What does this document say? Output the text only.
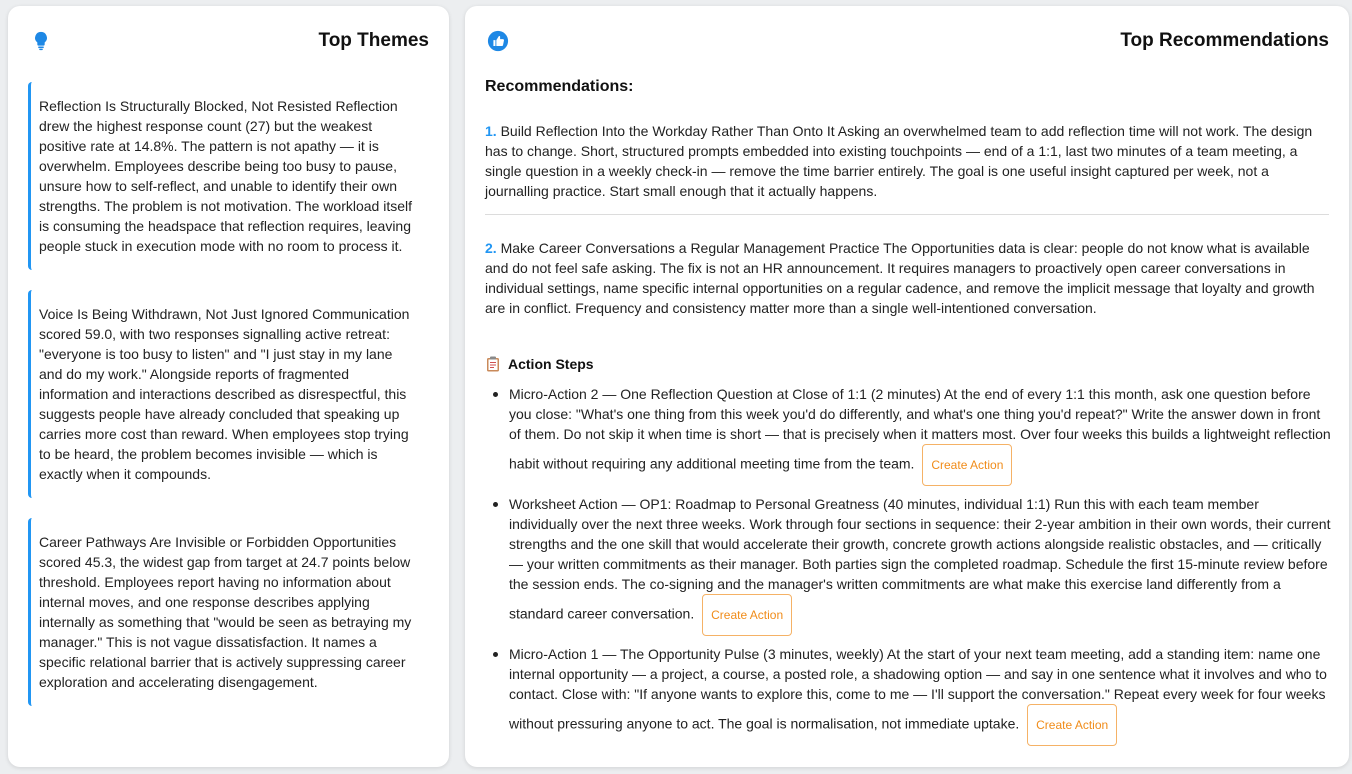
Top Themes
Reflection Is Structurally Blocked, Not Resisted Reflection drew the highest response count (27) but the weakest positive rate at 14.8%. The pattern is not apathy — it is overwhelm. Employees describe being too busy to pause, unsure how to self-reflect, and unable to identify their own strengths. The problem is not motivation. The workload itself is consuming the headspace that reflection requires, leaving people stuck in execution mode with no room to process it.
Voice Is Being Withdrawn, Not Just Ignored Communication scored 59.0, with two responses signalling active retreat: "everyone is too busy to listen" and "I just stay in my lane and do my work." Alongside reports of fragmented information and interactions described as disrespectful, this suggests people have already concluded that speaking up carries more cost than reward. When employees stop trying to be heard, the problem becomes invisible — which is exactly when it compounds.
Career Pathways Are Invisible or Forbidden Opportunities scored 45.3, the widest gap from target at 24.7 points below threshold. Employees report having no information about internal moves, and one response describes applying internally as something that "would be seen as betraying my manager." This is not vague dissatisfaction. It names a specific relational barrier that is actively suppressing career exploration and accelerating disengagement.
Top Recommendations
Recommendations:
1. Build Reflection Into the Workday Rather Than Onto It Asking an overwhelmed team to add reflection time will not work. The design has to change. Short, structured prompts embedded into existing touchpoints — end of a 1:1, last two minutes of a team meeting, a single question in a weekly check-in — remove the time barrier entirely. The goal is one useful insight captured per week, not a journalling practice. Start small enough that it actually happens.
2. Make Career Conversations a Regular Management Practice The Opportunities data is clear: people do not know what is available and do not feel safe asking. The fix is not an HR announcement. It requires managers to proactively open career conversations in individual settings, name specific internal opportunities on a regular cadence, and remove the implicit message that loyalty and growth are in conflict. Frequency and consistency matter more than a single well-intentioned conversation.
Action Steps
Micro-Action 2 — One Reflection Question at Close of 1:1 (2 minutes) At the end of every 1:1 this month, ask one question before you close: "What's one thing from this week you'd do differently, and what's one thing you'd repeat?" Write the answer down in front of them. Do not skip it when time is short — that is precisely when it matters most. Over four weeks this builds a lightweight reflection habit without requiring any additional meeting time from the team. Create Action
Worksheet Action — OP1: Roadmap to Personal Greatness (40 minutes, individual 1:1) Run this with each team member individually over the next three weeks. Work through four sections in sequence: their 2-year ambition in their own words, their current strengths and the one skill that would accelerate their growth, concrete growth actions alongside realistic obstacles, and — critically — your written commitments as their manager. Both parties sign the completed roadmap. Schedule the first 15-minute review before the session ends. The co-signing and the manager's written commitments are what make this exercise land differently from a standard career conversation. Create Action
Micro-Action 1 — The Opportunity Pulse (3 minutes, weekly) At the start of your next team meeting, add a standing item: name one internal opportunity — a project, a course, a posted role, a shadowing option — and say in one sentence what it involves and who to contact. Close with: "If anyone wants to explore this, come to me — I'll support the conversation." Repeat every week for four weeks without pressuring anyone to act. The goal is normalisation, not immediate uptake. Create Action
